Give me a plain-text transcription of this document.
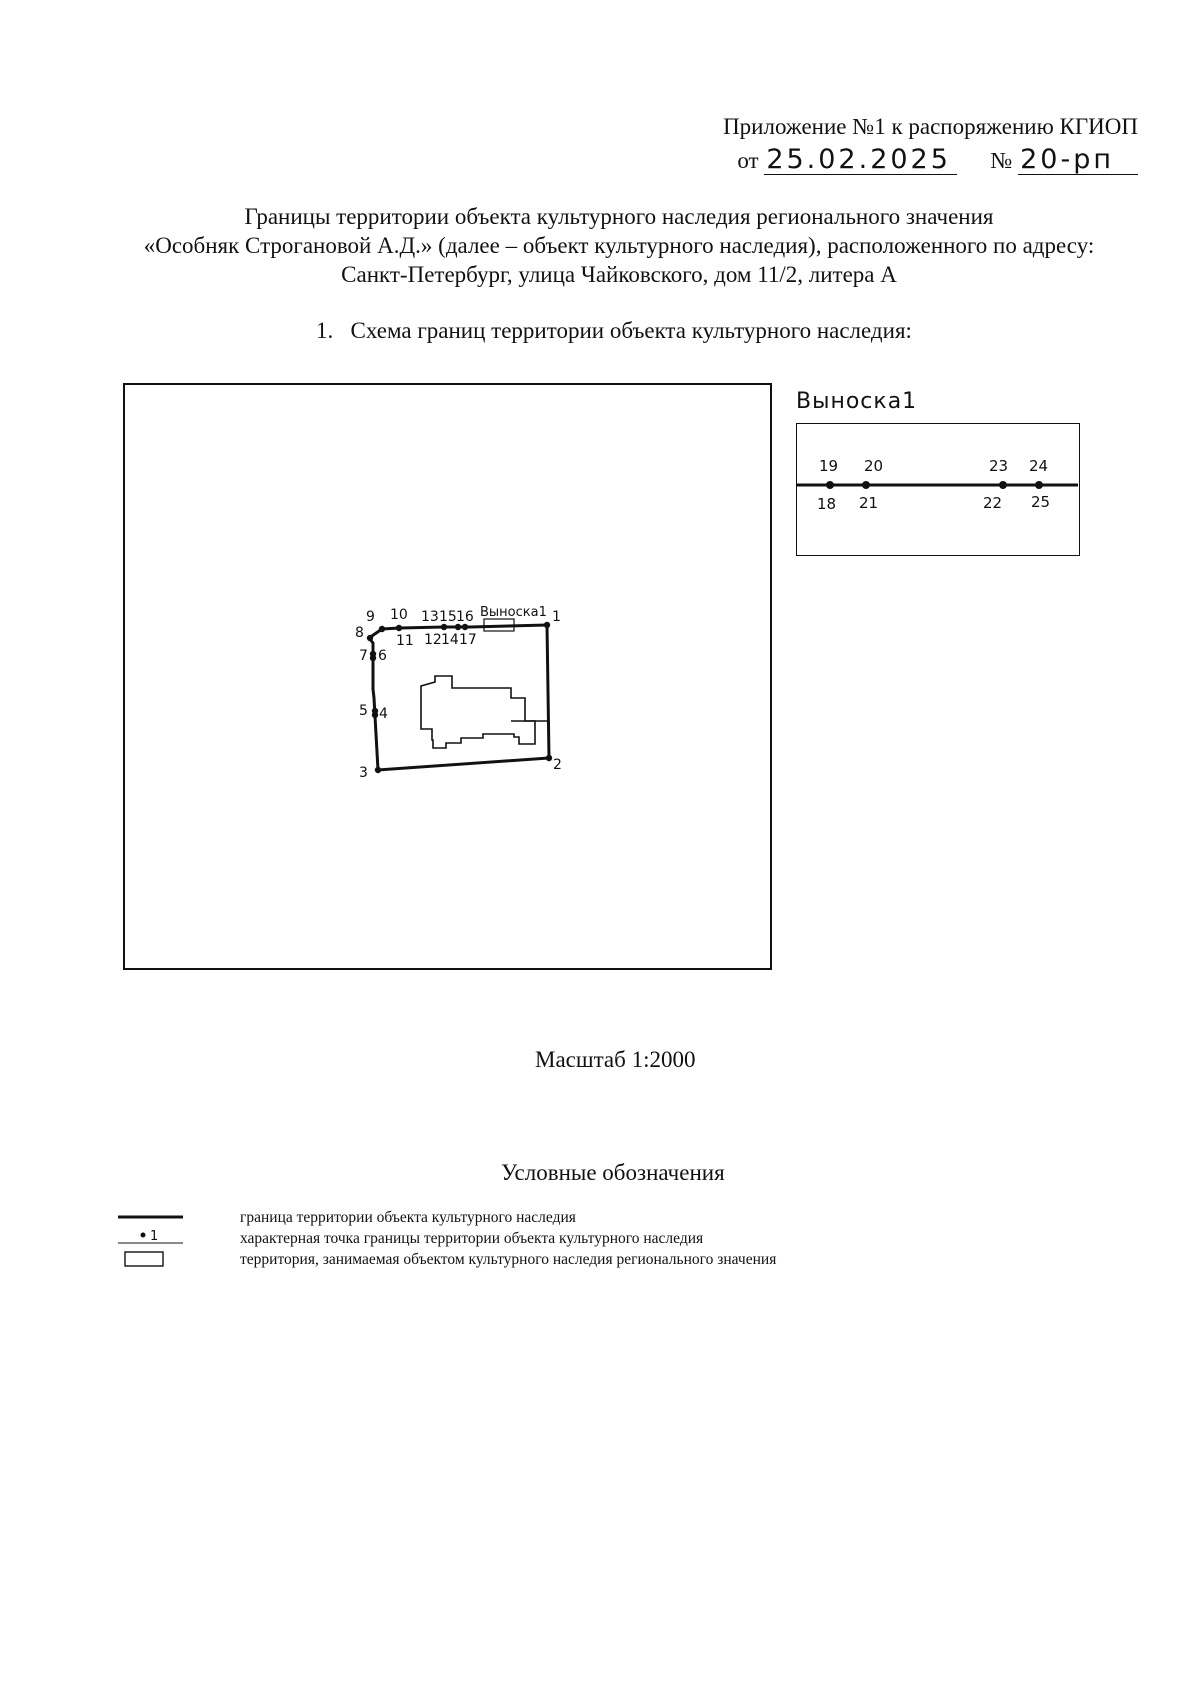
Приложение №1 к распоряжению КГИОП
от 25.02.2025 № 20-рп
Границы территории объекта культурного наследия регионального значения
«Особняк Строгановой А.Д.» (далее – объект культурного наследия), расположенного по адресу:
Санкт-Петербург, улица Чайковского, дом 11/2, литера А
1. Схема границ территории объекта культурного наследия:
1
2
3
4
5
6
7
8
9 10
11 12
13
14
15 16
17
Выноска1
Выноска1
19 20	23 24
18 21	22 25
Масштаб 1:2000
Условные обозначения
1
граница территории объекта культурного наследия
характерная точка границы территории объекта культурного наследия
территория, занимаемая объектом культурного наследия регионального значения
